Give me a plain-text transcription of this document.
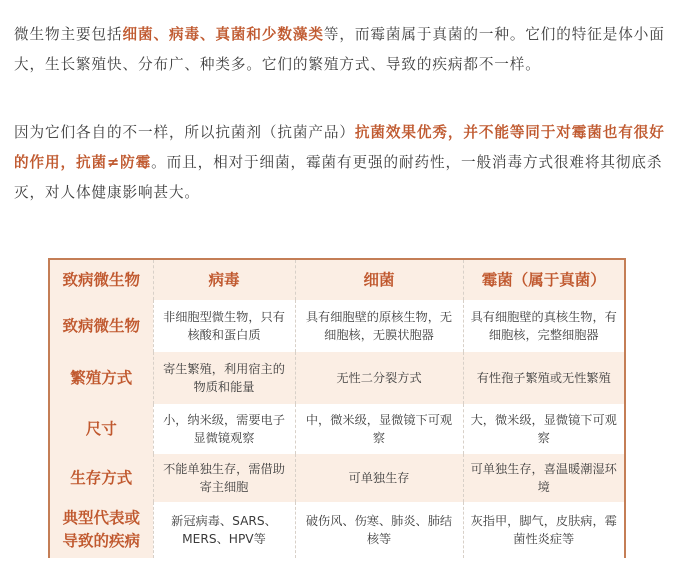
微生物主要包括细菌、病毒、真菌和少数藻类等，而霉菌属于真菌的一种。它们的特征是体小面大，生长繁殖快、分布广、种类多。它们的繁殖方式、导致的疾病都不一样。

因为它们各自的不一样，所以抗菌剂（抗菌产品）抗菌效果优秀，并不能等同于对霉菌也有很好的作用，抗菌≠防霉。而且，相对于细菌，霉菌有更强的耐药性，一般消毒方式很难将其彻底杀灭，对人体健康影响甚大。

致病微生物	病毒	细菌	霉菌（属于真菌）
致病微生物	非细胞型微生物，只有核酸和蛋白质	具有细胞壁的原核生物，无细胞核，无膜状胞器	具有细胞壁的真核生物，有细胞核，完整细胞器
繁殖方式	寄生繁殖，利用宿主的物质和能量	无性二分裂方式	有性孢子繁殖或无性繁殖
尺寸	小，纳米级，需要电子显微镜观察	中，微米级，显微镜下可观察	大，微米级，显微镜下可观察
生存方式	不能单独生存，需借助寄主细胞	可单独生存	可单独生存，喜温暖潮湿环境
典型代表或导致的疾病	新冠病毒、SARS、MERS、HPV等	破伤风、伤寒、肺炎、肺结核等	灰指甲，脚气，皮肤病，霉菌性炎症等
